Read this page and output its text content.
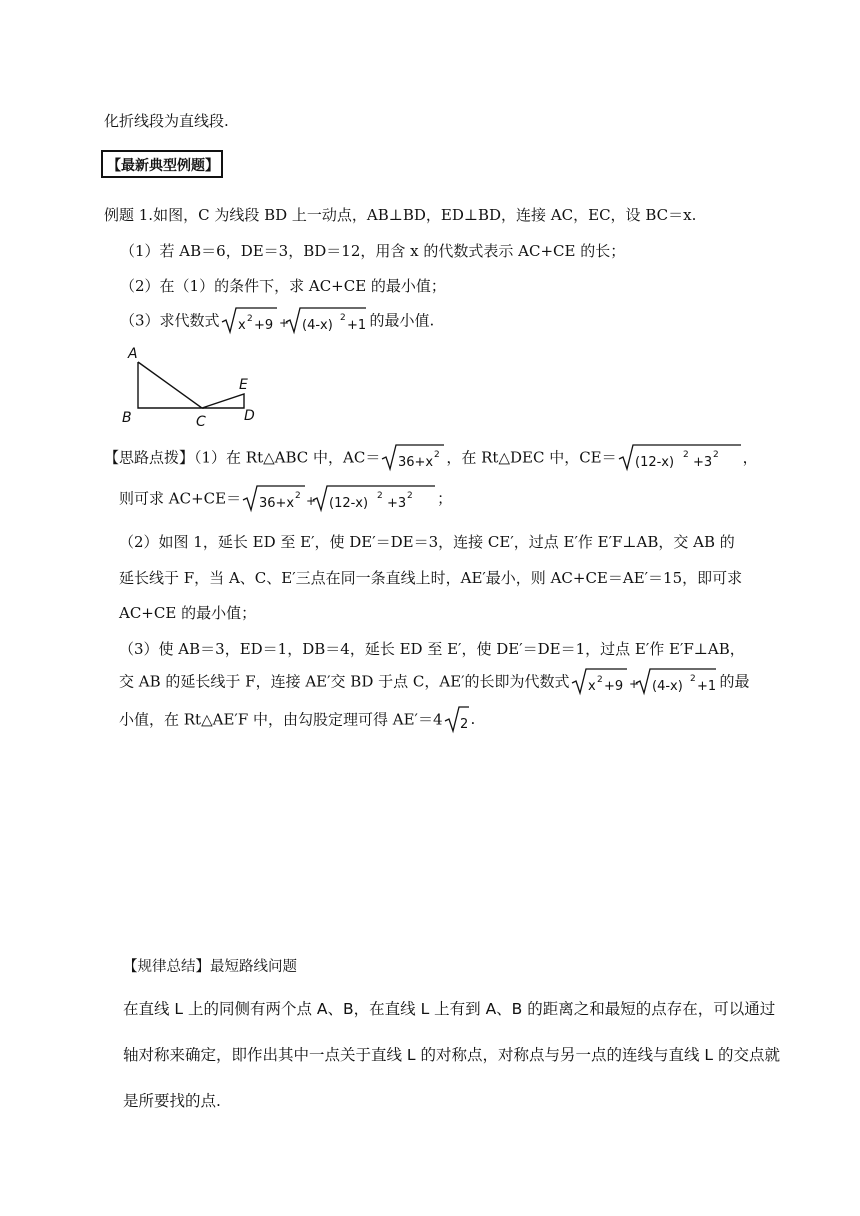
化折线段为直线段.
【最新典型例题】
例题 1.如图，C 为线段 BD 上一动点，AB⊥BD，ED⊥BD，连接 AC，EC，设 BC＝x.
（1）若 AB＝6，DE＝3，BD＝12，用含 x 的代数式表示 AC+CE 的长；
（2）在（1）的条件下，求 AC+CE 的最小值；
（3）求代数式 x 2 +9 + (4-x) 2 +1 的最小值.
A
B	C	D
E
【思路点拨】（1）在 Rt△ABC 中，AC＝ 36+x 2 ，在 Rt△DEC 中，CE＝ (12-x) 2 +3 2 ，
则可求 AC+CE＝ 36+x 2 + (12-x) 2 +3 2 ；
（2）如图 1，延长 ED 至 E′，使 DE′＝DE＝3，连接 CE′，过点 E′作 E′F⊥AB，交 AB 的
延长线于 F，当 A、C、E′三点在同一条直线上时，AE′最小，则 AC+CE＝AE′＝15，即可求
AC+CE 的最小值；
（3）使 AB＝3，ED＝1，DB＝4，延长 ED 至 E′，使 DE′＝DE＝1，过点 E′作 E′F⊥AB，
交 AB 的延长线于 F，连接 AE′交 BD 于点 C，AE′的长即为代数式 x 2 +9 + (4-x) 2 +1 的最
小值，在 Rt△AE′F 中，由勾股定理可得 AE′＝4 2 .
【规律总结】最短路线问题
在直线 L 上的同侧有两个点 A、B，在直线 L 上有到 A、B 的距离之和最短的点存在，可以通过
轴对称来确定，即作出其中一点关于直线 L 的对称点，对称点与另一点的连线与直线 L 的交点就
是所要找的点.
